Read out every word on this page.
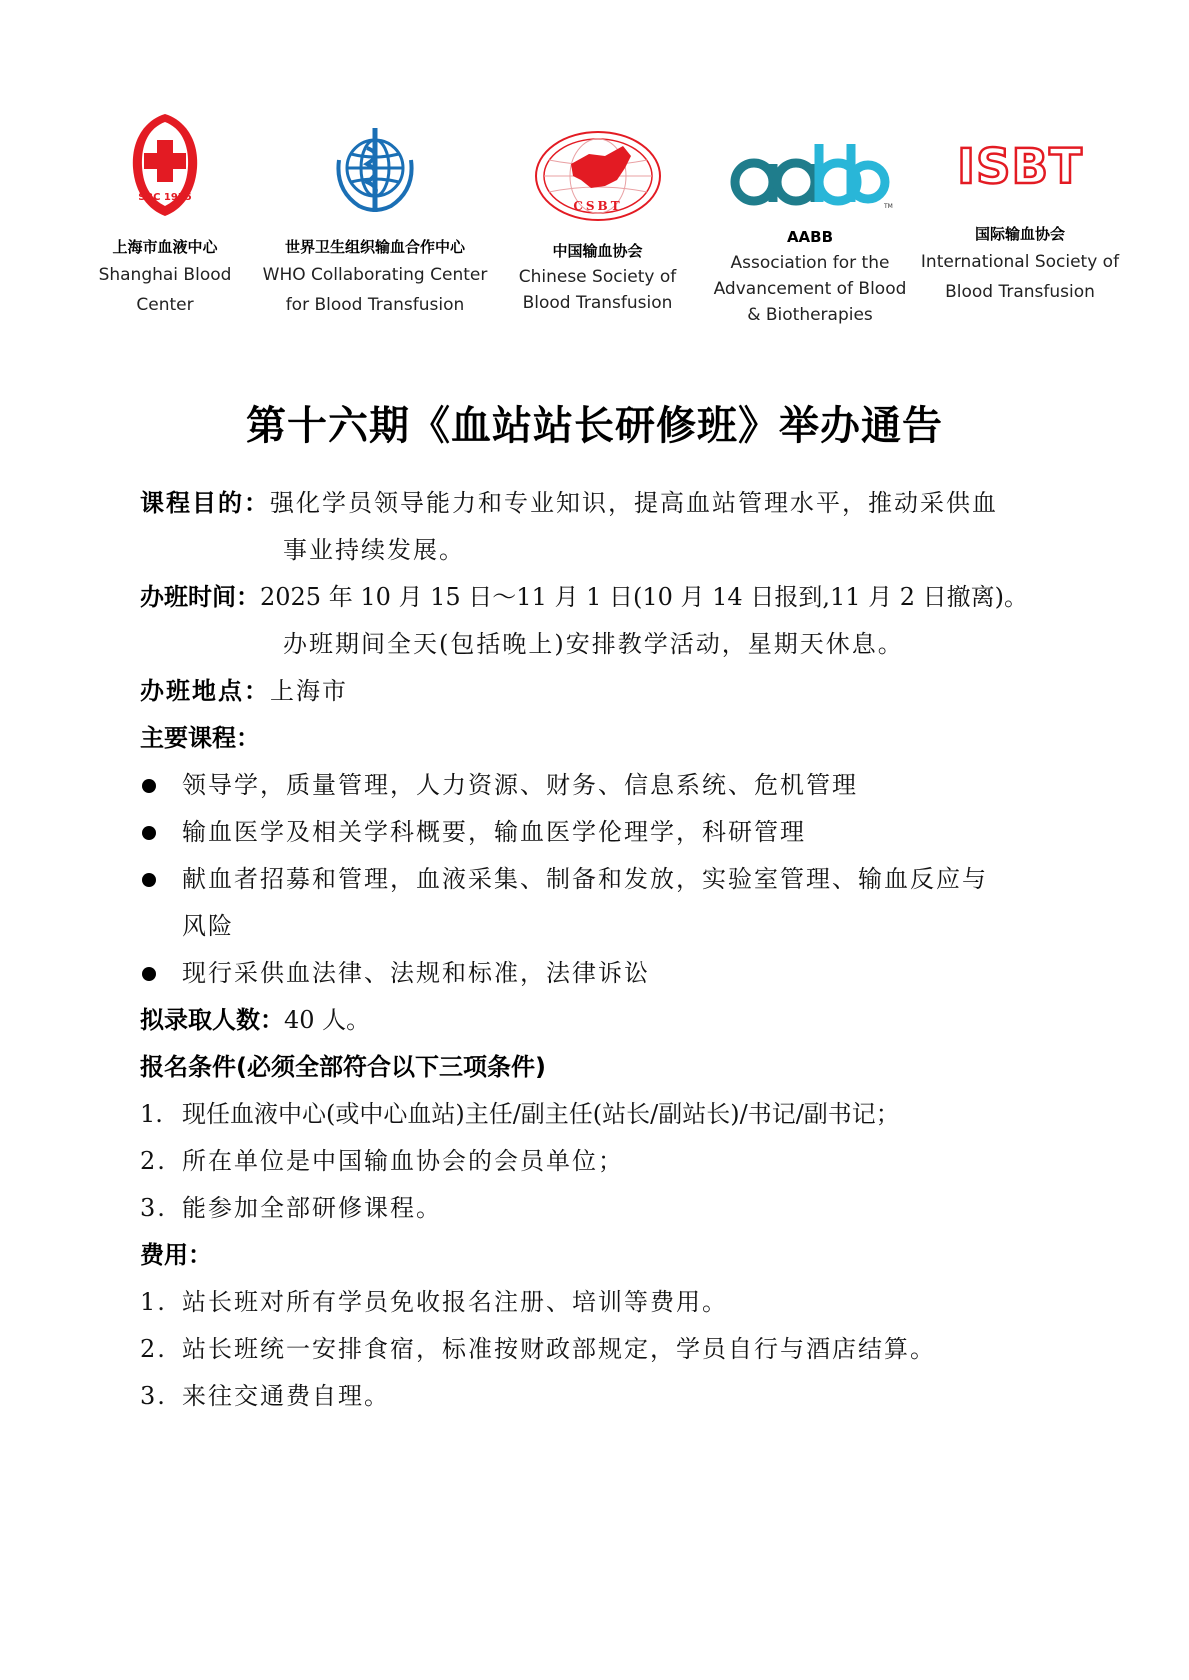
SBC 1955
上海市血液中心
Shanghai Blood
Center
世界卫生组织输血合作中心
WHO Collaborating Center
for Blood Transfusion
CSBT
中国输血协会
Chinese Society of
Blood Transfusion
TM
AABB
Association for the
Advancement of Blood
& Biotherapies
ISBT
国际输血协会
International Society of
Blood Transfusion
第十六期《血站站长研修班》举办通告
课程目的：强化学员领导能力和专业知识，提高血站管理水平，推动采供血
事业持续发展。
办班时间：2025 年 10 月 15 日～11 月 1 日(10 月 14 日报到,11 月 2 日撤离)。
办班期间全天(包括晚上)安排教学活动，星期天休息。
办班地点：上海市
主要课程：
领导学，质量管理，人力资源、财务、信息系统、危机管理
输血医学及相关学科概要，输血医学伦理学，科研管理
献血者招募和管理，血液采集、制备和发放，实验室管理、输血反应与
风险
现行采供血法律、法规和标准，法律诉讼
拟录取人数：40 人。
报名条件(必须全部符合以下三项条件)
1. 现任血液中心(或中心血站)主任/副主任(站长/副站长)/书记/副书记；
2. 所在单位是中国输血协会的会员单位；
3. 能参加全部研修课程。
费用：
1. 站长班对所有学员免收报名注册、培训等费用。
2. 站长班统一安排食宿，标准按财政部规定，学员自行与酒店结算。
3. 来往交通费自理。
